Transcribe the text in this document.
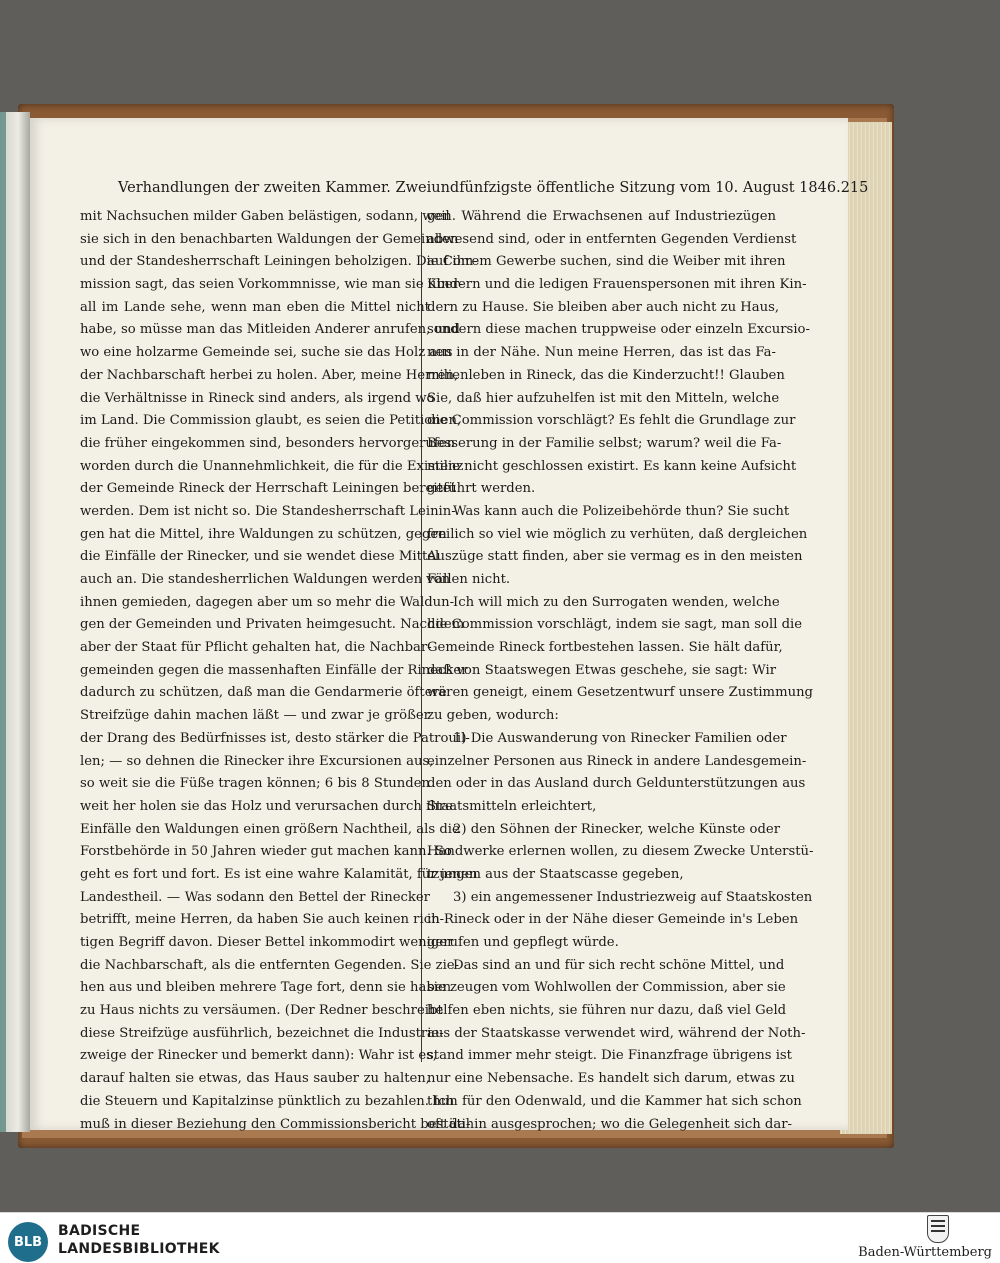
Verhandlungen der zweiten Kammer. Zweiundfünfzigste öffentliche Sitzung vom 10. August 1846. 215
mit Nachsuchen milder Gaben belästigen, sodann, weil
sie sich in den benachbarten Waldungen der Gemeinden
und der Standesherrschaft Leiningen beholzigen. Die Com-
mission sagt, das seien Vorkommnisse, wie man sie über-
all im Lande sehe, wenn man eben die Mittel nicht
habe, so müsse man das Mitleiden Anderer anrufen, und
wo eine holzarme Gemeinde sei, suche sie das Holz aus
der Nachbarschaft herbei zu holen. Aber, meine Herren,
die Verhältnisse in Rineck sind anders, als irgend wo
im Land. Die Commission glaubt, es seien die Petitionen,
die früher eingekommen sind, besonders hervorgerufen
worden durch die Unannehmlichkeit, die für die Existenz
der Gemeinde Rineck der Herrschaft Leiningen bereitet
werden. Dem ist nicht so. Die Standesherrschaft Leinin-
gen hat die Mittel, ihre Waldungen zu schützen, gegen
die Einfälle der Rinecker, und sie wendet diese Mittel
auch an. Die standesherrlichen Waldungen werden von
ihnen gemieden, dagegen aber um so mehr die Waldun-
gen der Gemeinden und Privaten heimgesucht. Nachdem
aber der Staat für Pflicht gehalten hat, die Nachbar-
gemeinden gegen die massenhaften Einfälle der Rinecker
dadurch zu schützen, daß man die Gendarmerie öftere
Streifzüge dahin machen läßt — und zwar je größer
der Drang des Bedürfnisses ist, desto stärker die Patrouil-
len; — so dehnen die Rinecker ihre Excursionen aus,
so weit sie die Füße tragen können; 6 bis 8 Stunden
weit her holen sie das Holz und verursachen durch ihre
Einfälle den Waldungen einen größern Nachtheil, als die
Forstbehörde in 50 Jahren wieder gut machen kann. So
geht es fort und fort. Es ist eine wahre Kalamität, für jenen
Landestheil. — Was sodann den Bettel der Rinecker
betrifft, meine Herren, da haben Sie auch keinen rich-
tigen Begriff davon. Dieser Bettel inkommodirt weniger
die Nachbarschaft, als die entfernten Gegenden. Sie zie-
hen aus und bleiben mehrere Tage fort, denn sie haben
zu Haus nichts zu versäumen. (Der Redner beschreibt
diese Streifzüge ausführlich, bezeichnet die Industrie-
zweige der Rinecker und bemerkt dann): Wahr ist es,
darauf halten sie etwas, das Haus sauber zu halten,
die Steuern und Kapitalzinse pünktlich zu bezahlen. Ich
muß in dieser Beziehung den Commissionsbericht bestäti-
gen. Während die Erwachsenen auf Industriezügen
abwesend sind, oder in entfernten Gegenden Verdienst
auf ihrem Gewerbe suchen, sind die Weiber mit ihren
Kindern und die ledigen Frauenspersonen mit ihren Kin-
dern zu Hause. Sie bleiben aber auch nicht zu Haus,
sondern diese machen truppweise oder einzeln Excursio-
nen in der Nähe. Nun meine Herren, das ist das Fa-
milienleben in Rineck, das die Kinderzucht!! Glauben
Sie, daß hier aufzuhelfen ist mit den Mitteln, welche
die Commission vorschlägt? Es fehlt die Grundlage zur
Besserung in der Familie selbst; warum? weil die Fa-
milie nicht geschlossen existirt. Es kann keine Aufsicht
geführt werden.
Was kann auch die Polizeibehörde thun? Sie sucht
freilich so viel wie möglich zu verhüten, daß dergleichen
Auszüge statt finden, aber sie vermag es in den meisten
Fällen nicht.
Ich will mich zu den Surrogaten wenden, welche
die Commission vorschlägt, indem sie sagt, man soll die
Gemeinde Rineck fortbestehen lassen. Sie hält dafür,
daß von Staatswegen Etwas geschehe, sie sagt: Wir
wären geneigt, einem Gesetzentwurf unsere Zustimmung
zu geben, wodurch:
1) Die Auswanderung von Rinecker Familien oder
einzelner Personen aus Rineck in andere Landesgemein-
den oder in das Ausland durch Geldunterstützungen aus
Staatsmitteln erleichtert,
2) den Söhnen der Rinecker, welche Künste oder
Handwerke erlernen wollen, zu diesem Zwecke Unterstü-
tzungen aus der Staatscasse gegeben,
3) ein angemessener Industriezweig auf Staatskosten
in Rineck oder in der Nähe dieser Gemeinde in's Leben
gerufen und gepflegt würde.
Das sind an und für sich recht schöne Mittel, und
sie zeugen vom Wohlwollen der Commission, aber sie
helfen eben nichts, sie führen nur dazu, daß viel Geld
aus der Staatskasse verwendet wird, während der Noth-
stand immer mehr steigt. Die Finanzfrage übrigens ist
nur eine Nebensache. Es handelt sich darum, etwas zu
thun für den Odenwald, und die Kammer hat sich schon
oft dahin ausgesprochen; wo die Gelegenheit sich dar-
BLB
BADISCHE
LANDESBIBLIOTHEK	Baden-Württemberg
